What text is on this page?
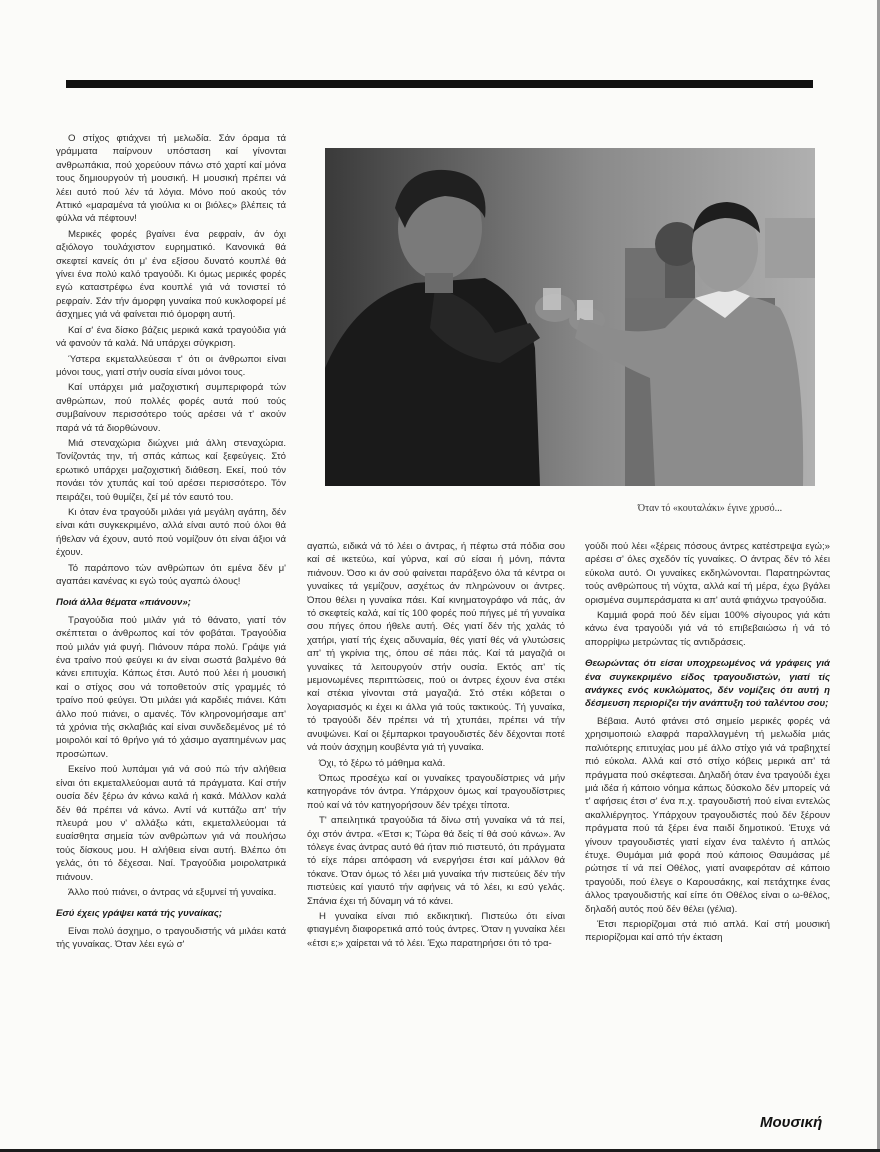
Ο στίχος φτιάχνει τή μελωδία. Σάν όραμα τά γράμματα παίρνουν υπόσταση καί γίνονται ανθρωπάκια, πού χορεύουν πάνω στό χαρτί καί μόνα τους δημιουργούν τή μουσική. Η μουσική πρέπει νά λέει αυτό πού λέν τά λόγια. Μόνο πού ακούς τόν Αττικό «μαραμένα τά γιούλια κι οι βιόλες» βλέπεις τά φύλλα νά πέφτουν!

Μερικές φορές βγαίνει ένα ρεφραίν, άν όχι αξιόλογο τουλάχιστον ευρηματικό. Κανονικά θά σκεφτεί κανείς ότι μ' ένα εξίσου δυνατό κουπλέ θά γίνει ένα πολύ καλό τραγούδι. Κι όμως μερικές φορές εγώ καταστρέφω ένα κουπλέ γιά νά τονιστεί τό ρεφραίν. Σάν τήν άμορφη γυναίκα πού κυκλοφορεί μέ άσχημες γιά νά φαίνεται πιό όμορφη αυτή.

Καί σ' ένα δίσκο βάζεις μερικά κακά τραγούδια γιά νά φανούν τά καλά. Νά υπάρχει σύγκριση.

Ύστερα εκμεταλλεύεσαι τ' ότι οι άνθρωποι είναι μόνοι τους, γιατί στήν ουσία είναι μόνοι τους.

Καί υπάρχει μιά μαζοχιστική συμπεριφορά τών ανθρώπων, πού πολλές φορές αυτά πού τούς συμβαίνουν περισσότερο τούς αρέσει νά τ' ακούν παρά νά τά διορθώνουν.

Μιά στεναχώρια διώχνει μιά άλλη στεναχώρια. Τονίζοντάς την, τή σπάς κάπως καί ξεφεύγεις. Στό ερωτικό υπάρχει μαζοχιστική διάθεση. Εκεί, πού τόν πονάει τόν χτυπάς καί τού αρέσει περισσότερο. Τόν πειράζει, τού θυμίζει, ζεί μέ τόν εαυτό του.

Κι όταν ένα τραγούδι μιλάει γιά μεγάλη αγάπη, δέν είναι κάτι συγκεκριμένο, αλλά είναι αυτό πού όλοι θά ήθελαν νά έχουν, αυτό πού νομίζουν ότι είναι άξιοι νά έχουν.

Τό παράπονο τών ανθρώπων ότι εμένα δέν μ' αγαπάει κανένας κι εγώ τούς αγαπώ όλους!

Ποιά άλλα θέματα «πιάνουν»;

Τραγούδια πού μιλάν γιά τό θάνατο, γιατί τόν σκέπτεται ο άνθρωπος καί τόν φοβάται. Τραγούδια πού μιλάν γιά φυγή. Πιάνουν πάρα πολύ. Γράψε γιά ένα τραίνο πού φεύγει κι άν είναι σωστά βαλμένο θά κάνει επιτυχία. Κάπως έτσι. Αυτό πού λέει ή μουσική καί ο στίχος σου νά τοποθετούν στίς γραμμές τό τραίνο πού φεύγει. Ότι μιλάει γιά καρδιές πιάνει. Κάτι άλλο πού πιάνει, ο αμανές. Τόν κληρονομήσαμε απ' τά χρόνια τής σκλαβιάς καί είναι συνδεδεμένος μέ τό μοιρολόι καί τό θρήνο γιά τό χάσιμο αγαπημένων μας προσώπων.

Εκείνο πού λυπάμαι γιά νά σού πώ τήν αλήθεια είναι ότι εκμεταλλεύομαι αυτά τά πράγματα. Καί στήν ουσία δέν ξέρω άν κάνω καλά ή κακά. Μάλλον καλά δέν θά πρέπει νά κάνω. Αντί νά κυττάζω απ' τήν πλευρά μου ν' αλλάξω κάτι, εκμεταλλεύομαι τά ευαίσθητα σημεία τών ανθρώπων γιά νά πουλήσω τούς δίσκους μου. Η αλήθεια είναι αυτή. Βλέπω ότι γελάς, ότι τό δέχεσαι. Ναί. Τραγούδια μοιρολατρικά πιάνουν.

Άλλο πού πιάνει, ο άντρας νά εξυμνεί τή γυναίκα.

Εσύ έχεις γράψει κατά τής γυναίκας;

Είναι πολύ άσχημο, ο τραγουδιστής νά μιλάει κατά τής γυναίκας. Όταν λέει εγώ σ'

Όταν τό «κουταλάκι» έγινε χρυσό...

αγαπώ, ειδικά νά τό λέει ο άντρας, ή πέφτω στά πόδια σου καί σέ ικετεύω, καί γύρνα, καί σύ είσαι ή μόνη, πάντα πιάνουν. Όσο κι άν σού φαίνεται παράξενο όλα τά κέντρα οι γυναίκες τά γεμίζουν, ασχέτως άν πληρώνουν οι άντρες. Όπου θέλει η γυναίκα πάει. Καί κινηματογράφο νά πάς, άν τό σκεφτείς καλά, καί τίς 100 φορές πού πήγες μέ τή γυναίκα σου πήγες όπου ήθελε αυτή. Θές γιατί δέν τής χαλάς τό χατήρι, γιατί τής έχεις αδυναμία, θές γιατί θές νά γλυτώσεις απ' τή γκρίνια της, όπου σέ πάει πάς. Καί τά μαγαζιά οι γυναίκες τά λειτουργούν στήν ουσία. Εκτός απ' τίς μεμονωμένες περιπτώσεις, πού οι άντρες έχουν ένα στέκι καί στέκια γίνονται στά μαγαζιά. Στό στέκι κόβεται ο λογαριασμός κι έχει κι άλλα γιά τούς τακτικούς. Τή γυναίκα, τό τραγούδι δέν πρέπει νά τή χτυπάει, πρέπει νά τήν ανυψώνει. Καί οι ξέμπαρκοι τραγουδιστές δέν δέχονται ποτέ νά πούν άσχημη κουβέντα γιά τή γυναίκα.

Όχι, τό ξέρω τό μάθημα καλά.

Όπως προσέχω καί οι γυναίκες τραγουδίστριες νά μήν κατηγοράνε τόν άντρα. Υπάρχουν όμως καί τραγουδίστριες πού καί νά τόν κατηγορήσουν δέν τρέχει τίποτα.

Τ' απειλητικά τραγούδια τά δίνω στή γυναίκα νά τά πεί, όχι στόν άντρα. «Έτσι κ; Τώρα θά δείς τί θά σού κάνω». Άν τόλεγε ένας άντρας αυτό θά ήταν πιό πιστευτό, ότι πράγματα τό είχε πάρει απόφαση νά ενεργήσει έτσι καί μάλλον θά τόκανε. Όταν όμως τό λέει μιά γυναίκα τήν πιστεύεις δέν τήν πιστεύεις καί γιαυτό τήν αφήνεις νά τό λέει, κι εσύ γελάς. Σπάνια έχει τή δύναμη νά τό κάνει.

Η γυναίκα είναι πιό εκδικητική. Πιστεύω ότι είναι φτιαγμένη διαφορετικά από τούς άντρες. Όταν η γυναίκα λέει «έτσι ε;» χαίρεται νά τό λέει. Έχω παρατηρήσει ότι τό τρα-

γούδι πού λέει «ξέρεις πόσους άντρες κατέστρεψα εγώ;» αρέσει σ' όλες σχεδόν τίς γυναίκες. Ο άντρας δέν τό λέει εύκολα αυτό. Οι γυναίκες εκδηλώνονται. Παρατηρώντας τούς ανθρώπους τή νύχτα, αλλά καί τή μέρα, έχω βγάλει ορισμένα συμπεράσματα κι απ' αυτά φτιάχνω τραγούδια.

Καμμιά φορά πού δέν είμαι 100% σίγουρος γιά κάτι κάνω ένα τραγούδι γιά νά τό επιβεβαιώσω ή νά τό απορρίψω μετρώντας τίς αντιδράσεις.

Θεωρώντας ότι είσαι υποχρεωμένος νά γράφεις γιά ένα συγκεκριμένο είδος τραγουδιστών, γιατί τίς ανάγκες ενός κυκλώματος, δέν νομίζεις ότι αυτή η δέσμευση περιορίζει τήν ανάπτυξη τού ταλέντου σου;

Βέβαια. Αυτό φτάνει στό σημείο μερικές φορές νά χρησιμοποιώ ελαφρά παραλλαγμένη τή μελωδία μιάς παλιότερης επιτυχίας μου μέ άλλο στίχο γιά νά τραβηχτεί πιό εύκολα. Αλλά καί στό στίχο κόβεις μερικά απ' τά πράγματα πού σκέφτεσαι. Δηλαδή όταν ένα τραγούδι έχει μιά ιδέα ή κάποιο νόημα κάπως δύσκολο δέν μπορείς νά τ' αφήσεις έτσι σ' ένα π.χ. τραγουδιστή πού είναι εντελώς ακαλλιέργητος. Υπάρχουν τραγουδιστές πού δέν ξέρουν πράγματα πού τά ξέρει ένα παιδί δημοτικού. Έτυχε νά γίνουν τραγουδιστές γιατί είχαν ένα ταλέντο ή απλώς έτυχε. Θυμάμαι μιά φορά πού κάποιος Θαυμάσας μέ ρώτησε τί νά πεί Οθέλος, γιατί αναφερόταν σέ κάποιο τραγούδι, πού έλεγε ο Καρουσάκης, καί πετάχτηκε ένας άλλος τραγουδιστής καί είπε ότι Οθέλος είναι ο ω-θέλος, δηλαδή αυτός πού δέν θέλει (γέλια).

Έτσι περιορίζομαι στά πιό απλά. Καί στή μουσική περιορίζομαι καί από τήν έκταση

Μουσική
